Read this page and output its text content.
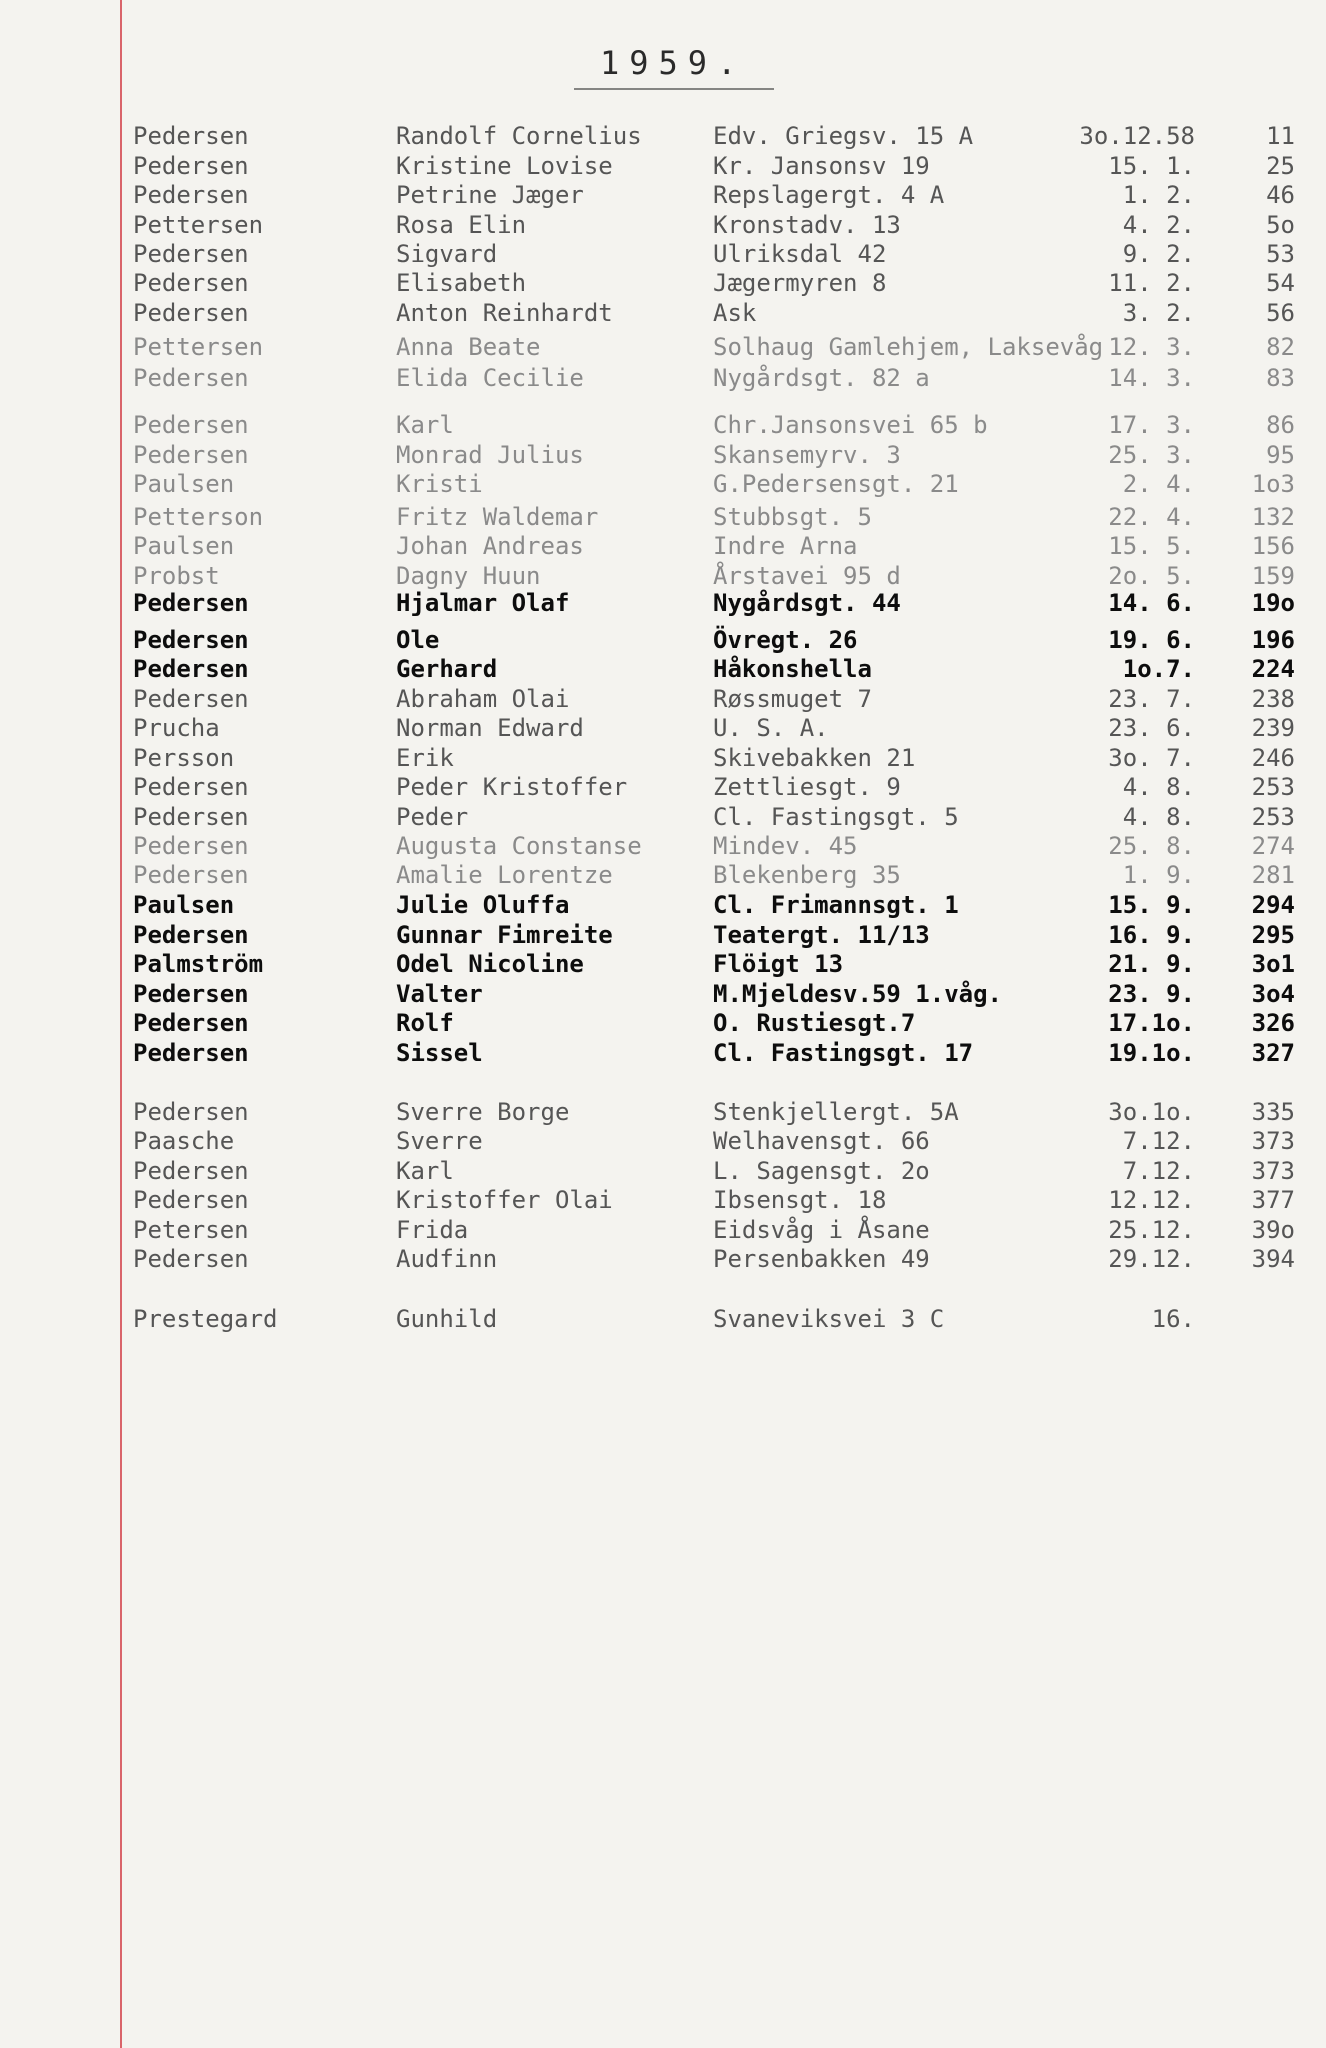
1959.
Pedersen	Randolf Cornelius	Edv. Griegsv. 15 A	3o.12.58	11
Pedersen	Kristine Lovise	Kr. Jansonsv 19	15. 1.	25
Pedersen	Petrine Jæger	Repslagergt. 4 A	1. 2.	46
Pettersen	Rosa Elin	Kronstadv. 13	4. 2.	5o
Pedersen	Sigvard	Ulriksdal 42	9. 2.	53
Pedersen	Elisabeth	Jægermyren 8	11. 2.	54
Pedersen	Anton Reinhardt	Ask	3. 2.	56
Pettersen	Anna Beate	Solhaug Gamlehjem, Laksevåg 12. 3.	82
Pedersen	Elida Cecilie	Nygårdsgt. 82 a	14. 3.	83
Pedersen	Karl	Chr.Jansonsvei 65 b	17. 3.	86
Pedersen	Monrad Julius	Skansemyrv. 3	25. 3.	95
Paulsen	Kristi	G.Pedersensgt. 21	2. 4.	1o3
Petterson	Fritz Waldemar	Stubbsgt. 5	22. 4.	132
Paulsen	Johan Andreas	Indre Arna	15. 5.	156
Probst	Dagny Huun	Årstavei 95 d	2o. 5.	159
Pedersen	Hjalmar Olaf	Nygårdsgt. 44	14. 6.	19o
Pedersen	Ole	Övregt. 26	19. 6.	196
Pedersen	Gerhard	Håkonshella	1o.7.	224
Pedersen	Abraham Olai	Røssmuget 7	23. 7.	238
Prucha	Norman Edward	U. S. A.	23. 6.	239
Persson	Erik	Skivebakken 21	3o. 7.	246
Pedersen	Peder Kristoffer	Zettliesgt. 9	4. 8.	253
Pedersen	Peder	Cl. Fastingsgt. 5	4. 8.	253
Pedersen	Augusta Constanse	Mindev. 45	25. 8.	274
Pedersen	Amalie Lorentze	Blekenberg 35	1. 9.	281
Paulsen	Julie Oluffa	Cl. Frimannsgt. 1	15. 9.	294
Pedersen	Gunnar Fimreite	Teatergt. 11/13	16. 9.	295
Palmström	Odel Nicoline	Flöigt 13	21. 9.	3o1
Pedersen	Valter	M.Mjeldesv.59 1.våg.	23. 9.	3o4
Pedersen	Rolf	O. Rustiesgt.7	17.1o.	326
Pedersen	Sissel	Cl. Fastingsgt. 17	19.1o.	327
Pedersen	Sverre Borge	Stenkjellergt. 5A	3o.1o.	335
Paasche	Sverre	Welhavensgt. 66	7.12.	373
Pedersen	Karl	L. Sagensgt. 2o	7.12.	373
Pedersen	Kristoffer Olai	Ibsensgt. 18	12.12.	377
Petersen	Frida	Eidsvåg i Åsane	25.12.	39o
Pedersen	Audfinn	Persenbakken 49	29.12.	394
Prestegard	Gunhild	Svaneviksvei 3 C	16.
